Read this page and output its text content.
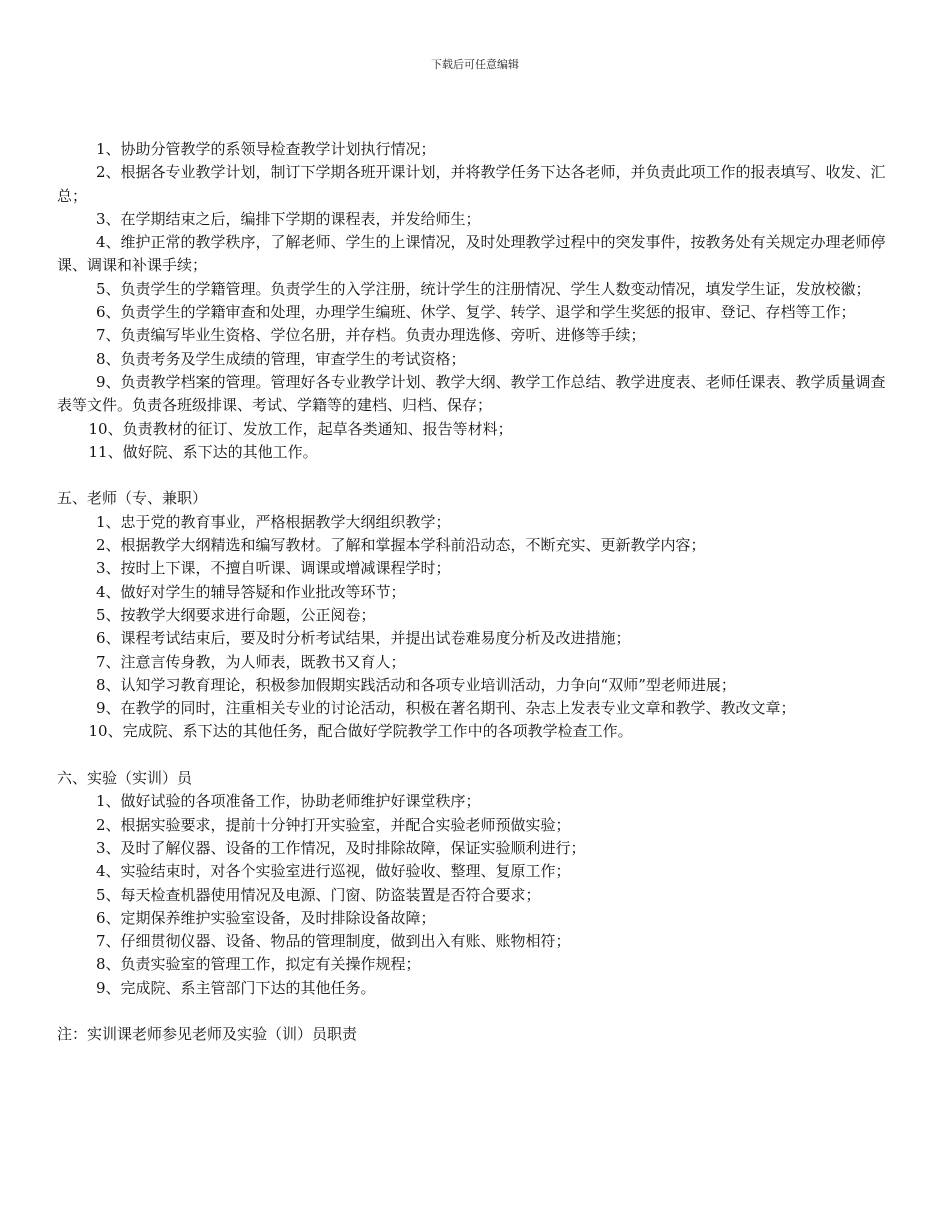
下载后可任意编辑

1、协助分管教学的系领导检查教学计划执行情况；

2、根据各专业教学计划，制订下学期各班开课计划，并将教学任务下达各老师，并负责此项工作的报表填写、收发、汇总；

3、在学期结束之后，编排下学期的课程表，并发给师生；

4、维护正常的教学秩序，了解老师、学生的上课情况，及时处理教学过程中的突发事件，按教务处有关规定办理老师停课、调课和补课手续；

5、负责学生的学籍管理。负责学生的入学注册，统计学生的注册情况、学生人数变动情况，填发学生证，发放校徽；

6、负责学生的学籍审查和处理，办理学生编班、休学、复学、转学、退学和学生奖惩的报审、登记、存档等工作；

7、负责编写毕业生资格、学位名册，并存档。负责办理选修、旁听、进修等手续；

8、负责考务及学生成绩的管理，审查学生的考试资格；

9、负责教学档案的管理。管理好各专业教学计划、教学大纲、教学工作总结、教学进度表、老师任课表、教学质量调查表等文件。负责各班级排课、考试、学籍等的建档、归档、保存；

10、负责教材的征订、发放工作，起草各类通知、报告等材料；

11、做好院、系下达的其他工作。

五、老师（专、兼职）

1、忠于党的教育事业，严格根据教学大纲组织教学；

2、根据教学大纲精选和编写教材。了解和掌握本学科前沿动态，不断充实、更新教学内容；

3、按时上下课，不擅自听课、调课或增减课程学时；

4、做好对学生的辅导答疑和作业批改等环节；

5、按教学大纲要求进行命题，公正阅卷；

6、课程考试结束后，要及时分析考试结果，并提出试卷难易度分析及改进措施；

7、注意言传身教，为人师表，既教书又育人；

8、认知学习教育理论，积极参加假期实践活动和各项专业培训活动，力争向“双师”型老师进展；

9、在教学的同时，注重相关专业的讨论活动，积极在著名期刊、杂志上发表专业文章和教学、教改文章；

10、完成院、系下达的其他任务，配合做好学院教学工作中的各项教学检查工作。

六、实验（实训）员

1、做好试验的各项准备工作，协助老师维护好课堂秩序；

2、根据实验要求，提前十分钟打开实验室，并配合实验老师预做实验；

3、及时了解仪器、设备的工作情况，及时排除故障，保证实验顺利进行；

4、实验结束时，对各个实验室进行巡视，做好验收、整理、复原工作；

5、每天检查机器使用情况及电源、门窗、防盗装置是否符合要求；

6、定期保养维护实验室设备，及时排除设备故障；

7、仔细贯彻仪器、设备、物品的管理制度，做到出入有账、账物相符；

8、负责实验室的管理工作，拟定有关操作规程；

9、完成院、系主管部门下达的其他任务。

注：实训课老师参见老师及实验（训）员职责
